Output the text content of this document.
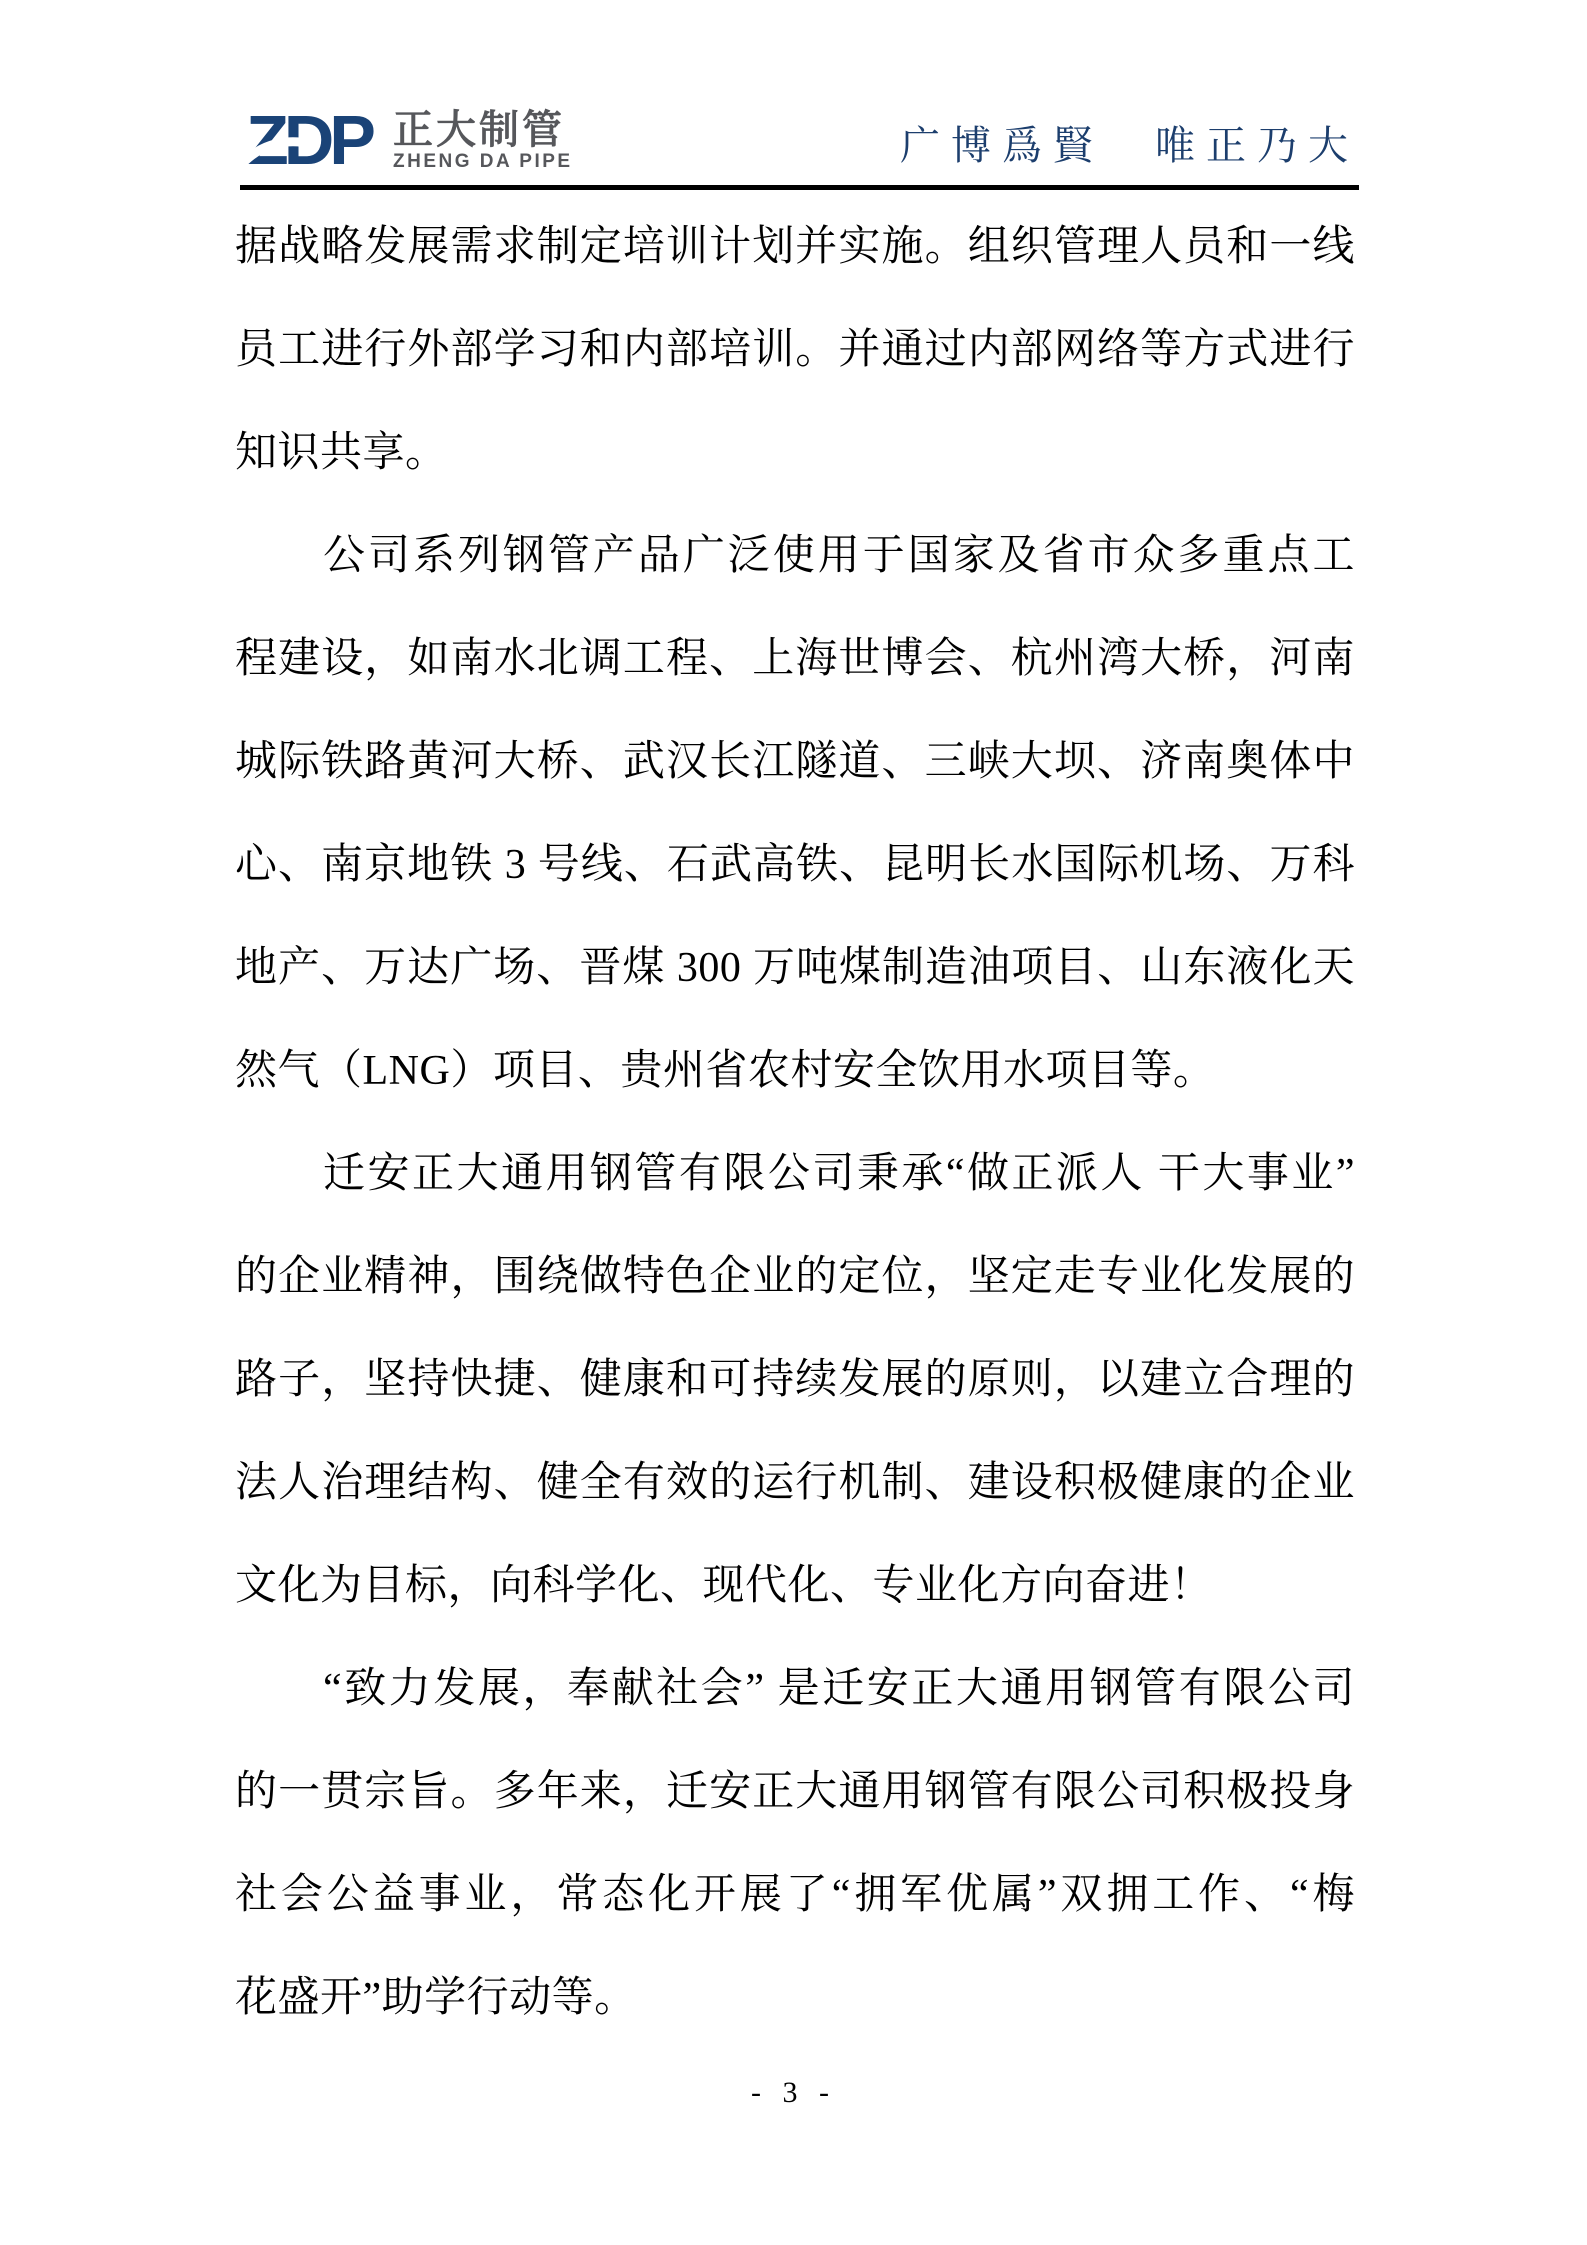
ZDP 正大制管
ZHENG DA PIPE	广博爲賢　唯正乃大
据战略发展需求制定培训计划并实施。组织管理人员和一线
员工进行外部学习和内部培训。并通过内部网络等方式进行
知识共享。
公司系列钢管产品广泛使用于国家及省市众多重点工
程建设，如南水北调工程、上海世博会、杭州湾大桥，河南
城际铁路黄河大桥、武汉长江隧道、三峡大坝、济南奥体中
心、南京地铁 3 号线、石武高铁、昆明长水国际机场、万科
地产、万达广场、晋煤 300 万吨煤制造油项目、山东液化天
然气（LNG）项目、贵州省农村安全饮用水项目等。
迁安正大通用钢管有限公司秉承“做正派人 干大事业”
的企业精神，围绕做特色企业的定位，坚定走专业化发展的
路子，坚持快捷、健康和可持续发展的原则，以建立合理的
法人治理结构、健全有效的运行机制、建设积极健康的企业
文化为目标，向科学化、现代化、专业化方向奋进！
“致力发展，奉献社会” 是迁安正大通用钢管有限公司
的一贯宗旨。多年来，迁安正大通用钢管有限公司积极投身
社会公益事业，常态化开展了“拥军优属”双拥工作、“梅
花盛开”助学行动等。
- 3 -
